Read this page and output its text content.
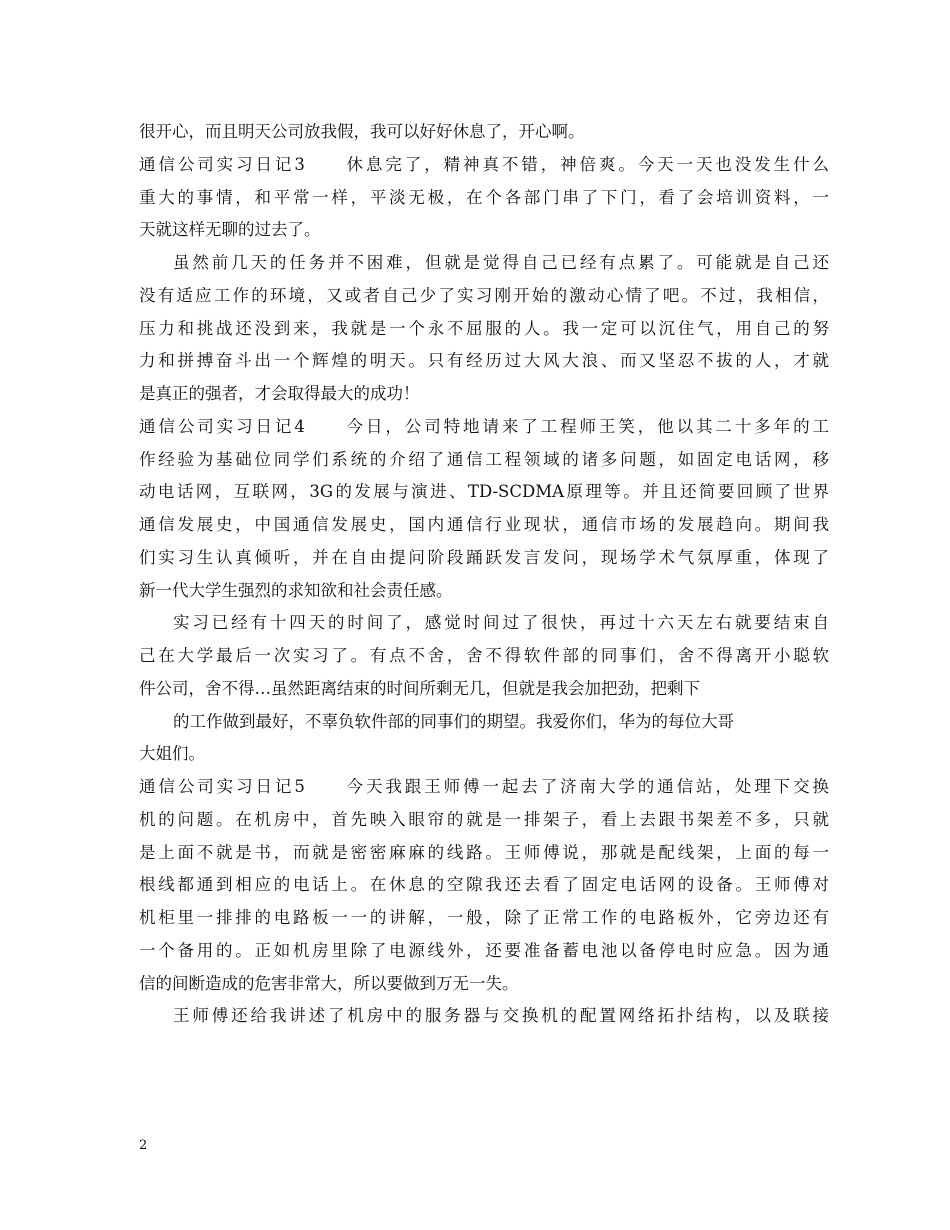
很开心，而且明天公司放我假，我可以好好休息了，开心啊。
通信公司实习日记3　　休息完了，精神真不错，神倍爽。今天一天也没发生什么
重大的事情，和平常一样，平淡无极，在个各部门串了下门，看了会培训资料，一
天就这样无聊的过去了。
虽然前几天的任务并不困难，但就是觉得自己已经有点累了。可能就是自己还
没有适应工作的环境，又或者自己少了实习刚开始的激动心情了吧。不过，我相信，
压力和挑战还没到来，我就是一个永不屈服的人。我一定可以沉住气，用自己的努
力和拼搏奋斗出一个辉煌的明天。只有经历过大风大浪、而又坚忍不拔的人，才就
是真正的强者，才会取得最大的成功！
通信公司实习日记4　　今日，公司特地请来了工程师王笑，他以其二十多年的工
作经验为基础位同学们系统的介绍了通信工程领域的诸多问题，如固定电话网，移
动电话网，互联网，3G的发展与演进、TD-SCDMA原理等。并且还简要回顾了世界
通信发展史，中国通信发展史，国内通信行业现状，通信市场的发展趋向。期间我
们实习生认真倾听，并在自由提问阶段踊跃发言发问，现场学术气氛厚重，体现了
新一代大学生强烈的求知欲和社会责任感。
实习已经有十四天的时间了，感觉时间过了很快，再过十六天左右就要结束自
己在大学最后一次实习了。有点不舍，舍不得软件部的同事们，舍不得离开小聪软
件公司，舍不得…虽然距离结束的时间所剩无几，但就是我会加把劲，把剩下
的工作做到最好，不辜负软件部的同事们的期望。我爱你们，华为的每位大哥
大姐们。
通信公司实习日记5　　今天我跟王师傅一起去了济南大学的通信站，处理下交换
机的问题。在机房中，首先映入眼帘的就是一排架子，看上去跟书架差不多，只就
是上面不就是书，而就是密密麻麻的线路。王师傅说，那就是配线架，上面的每一
根线都通到相应的电话上。在休息的空隙我还去看了固定电话网的设备。王师傅对
机柜里一排排的电路板一一的讲解，一般，除了正常工作的电路板外，它旁边还有
一个备用的。正如机房里除了电源线外，还要准备蓄电池以备停电时应急。因为通
信的间断造成的危害非常大，所以要做到万无一失。
王师傅还给我讲述了机房中的服务器与交换机的配置网络拓扑结构，以及联接
2
